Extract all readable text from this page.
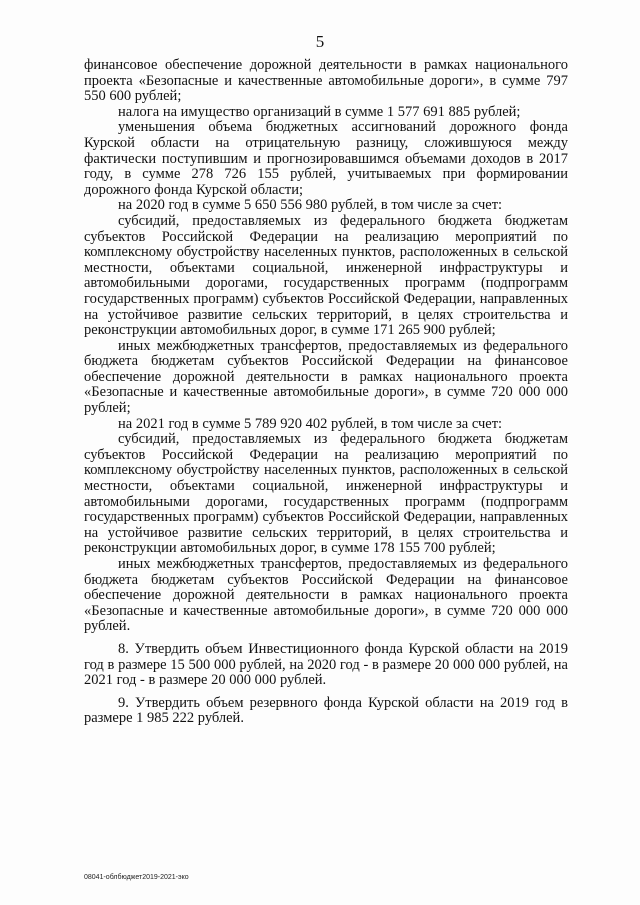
5

финансовое обеспечение дорожной деятельности в рамках национального проекта «Безопасные и качественные автомобильные дороги», в сумме 797 550 600 рублей;

налога на имущество организаций в сумме 1 577 691 885 рублей;

уменьшения объема бюджетных ассигнований дорожного фонда Курской области на отрицательную разницу, сложившуюся между фактически поступившим и прогнозировавшимся объемами доходов в 2017 году, в сумме 278 726 155 рублей, учитываемых при формировании дорожного фонда Курской области;

на 2020 год в сумме 5 650 556 980 рублей, в том числе за счет:

субсидий, предоставляемых из федерального бюджета бюджетам субъектов Российской Федерации на реализацию мероприятий по комплексному обустройству населенных пунктов, расположенных в сельской местности, объектами социальной, инженерной инфраструктуры и автомобильными дорогами, государственных программ (подпрограмм государственных программ) субъектов Российской Федерации, направленных на устойчивое развитие сельских территорий, в целях строительства и реконструкции автомобильных дорог, в сумме 171 265 900 рублей;

иных межбюджетных трансфертов, предоставляемых из федерального бюджета бюджетам субъектов Российской Федерации на финансовое обеспечение дорожной деятельности в рамках национального проекта «Безопасные и качественные автомобильные дороги», в сумме 720 000 000 рублей;

на 2021 год в сумме 5 789 920 402 рублей, в том числе за счет:

субсидий, предоставляемых из федерального бюджета бюджетам субъектов Российской Федерации на реализацию мероприятий по комплексному обустройству населенных пунктов, расположенных в сельской местности, объектами социальной, инженерной инфраструктуры и автомобильными дорогами, государственных программ (подпрограмм государственных программ) субъектов Российской Федерации, направленных на устойчивое развитие сельских территорий, в целях строительства и реконструкции автомобильных дорог, в сумме 178 155 700 рублей;

иных межбюджетных трансфертов, предоставляемых из федерального бюджета бюджетам субъектов Российской Федерации на финансовое обеспечение дорожной деятельности в рамках национального проекта «Безопасные и качественные автомобильные дороги», в сумме 720 000 000 рублей.

8. Утвердить объем Инвестиционного фонда Курской области на 2019 год в размере 15 500 000 рублей, на 2020 год - в размере 20 000 000 рублей, на 2021 год - в размере 20 000 000 рублей.

9. Утвердить объем резервного фонда Курской области на 2019 год в размере 1 985 222 рублей.

08041-облбюджет2019-2021-эко
